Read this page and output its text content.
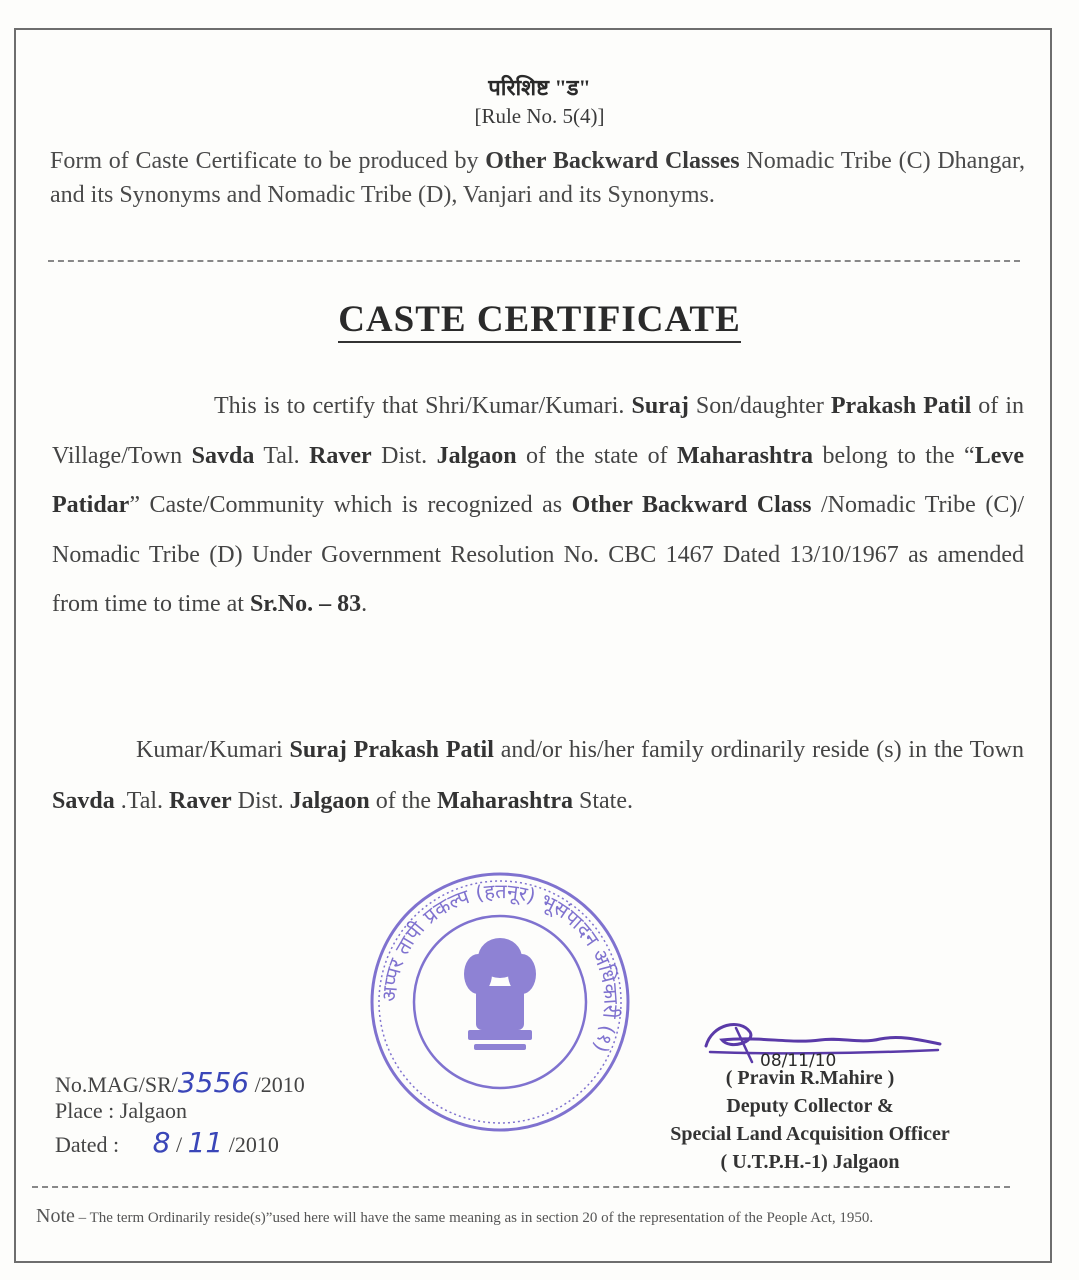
परिशिष्ट "ड"
[Rule No. 5(4)]
Form of Caste Certificate to be produced by Other Backward Classes Nomadic Tribe (C) Dhangar, and its Synonyms and Nomadic Tribe (D), Vanjari and its Synonyms.
CASTE CERTIFICATE
This is to certify that Shri/Kumar/Kumari. Suraj Son/daughter Prakash Patil of in Village/Town Savda Tal. Raver Dist. Jalgaon of the state of Maharashtra belong to the “Leve Patidar” Caste/Community which is recognized as Other Backward Class /Nomadic Tribe (C)/ Nomadic Tribe (D) Under Government Resolution No. CBC 1467 Dated 13/10/1967 as amended from time to time at Sr.No. – 83.
Kumar/Kumari Suraj Prakash Patil and/or his/her family ordinarily reside (s) in the Town Savda .Tal. Raver Dist. Jalgaon of the Maharashtra State.
अप्पर तापी प्रकल्प (हतनूर) भूसंपादन अधिकारी (१)
08/11/10
No.MAG/SR/3556 /2010
Place : Jalgaon
Dated : 8 / 11 /2010
( Pravin R.Mahire )
Deputy Collector &
Special Land Acquisition Officer
( U.T.P.H.-1) Jalgaon
Note – The term Ordinarily reside(s)”used here will have the same meaning as in section 20 of the representation of the People Act, 1950.
